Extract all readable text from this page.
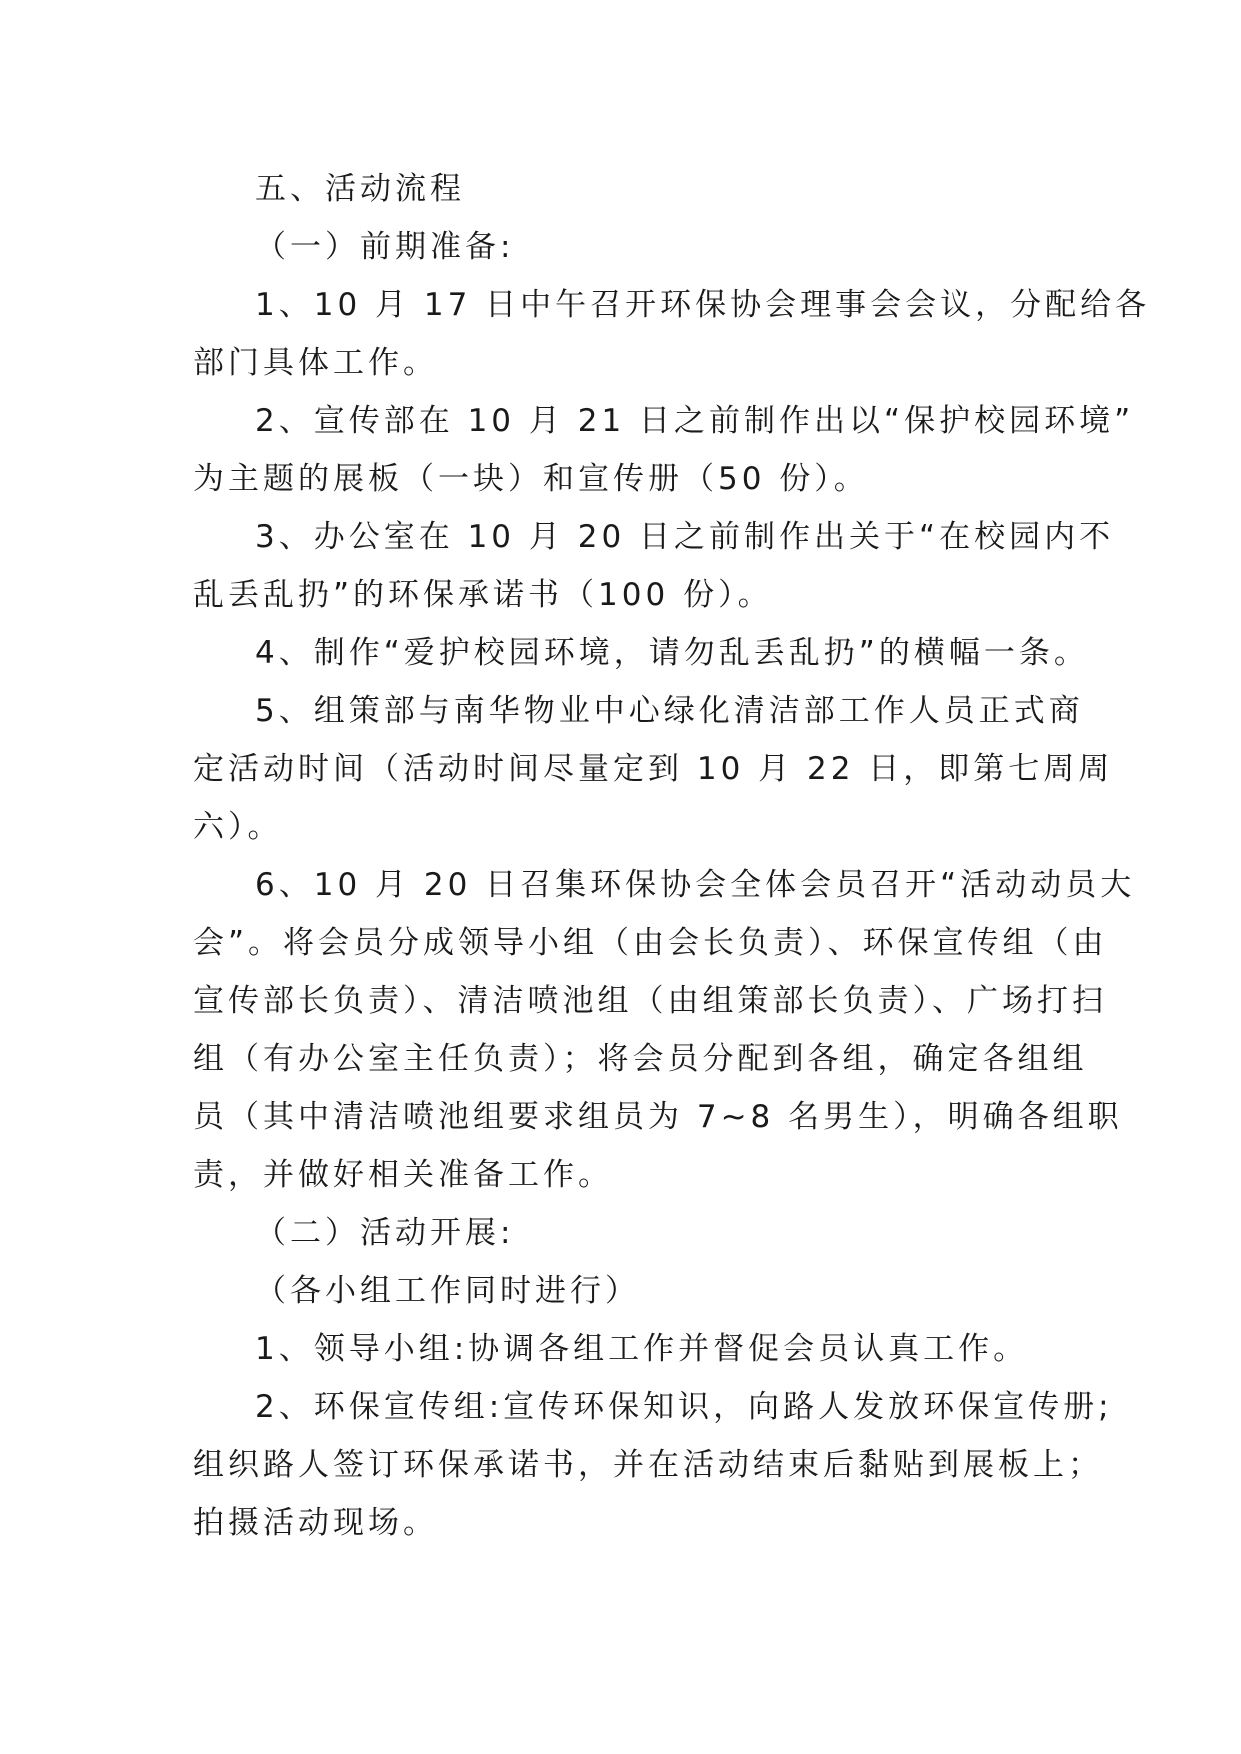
五、活动流程

（一）前期准备:

1、10 月 17 日中午召开环保协会理事会会议，分配给各

部门具体工作。

2、宣传部在 10 月 21 日之前制作出以“保护校园环境”

为主题的展板（一块）和宣传册（50 份）。

3、办公室在 10 月 20 日之前制作出关于“在校园内不

乱丢乱扔”的环保承诺书（100 份）。

4、制作“爱护校园环境，请勿乱丢乱扔”的横幅一条。

5、组策部与南华物业中心绿化清洁部工作人员正式商

定活动时间（活动时间尽量定到 10 月 22 日，即第七周周

六）。

6、10 月 20 日召集环保协会全体会员召开“活动动员大

会”。将会员分成领导小组（由会长负责）、环保宣传组（由

宣传部长负责）、清洁喷池组（由组策部长负责）、广场打扫

组（有办公室主任负责）；将会员分配到各组，确定各组组

员（其中清洁喷池组要求组员为 7~8 名男生），明确各组职

责，并做好相关准备工作。

（二）活动开展:

（各小组工作同时进行）

1、领导小组:协调各组工作并督促会员认真工作。

2、环保宣传组:宣传环保知识，向路人发放环保宣传册;

组织路人签订环保承诺书，并在活动结束后黏贴到展板上；

拍摄活动现场。
